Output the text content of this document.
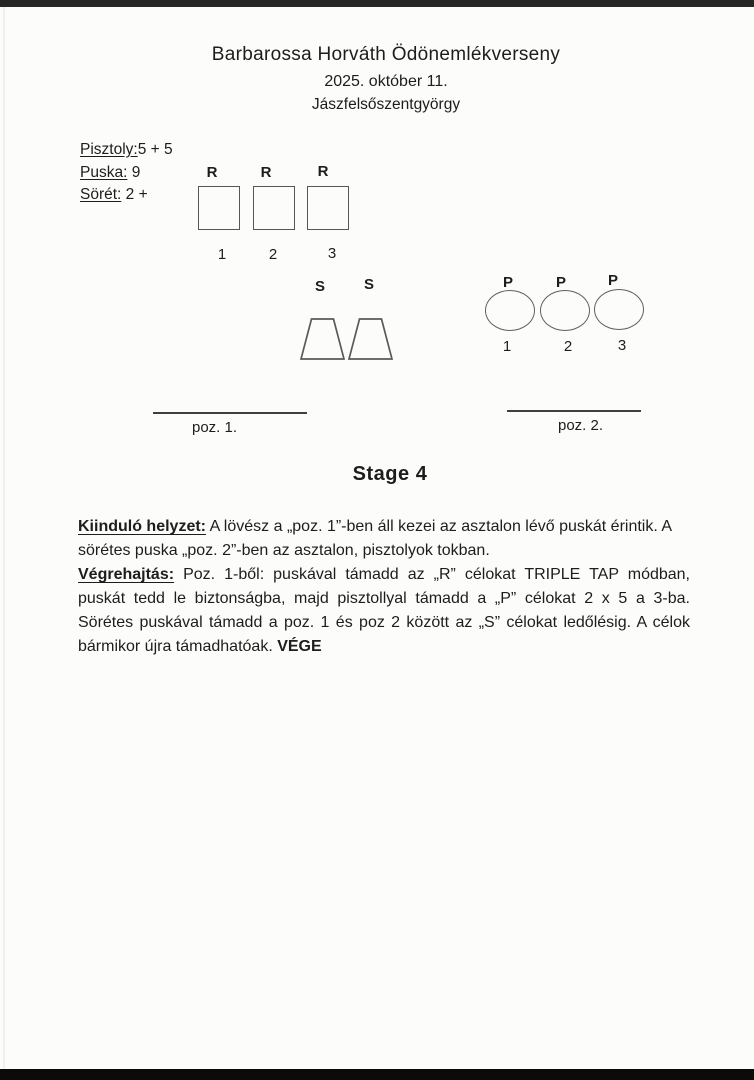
Barbarossa Horváth Ödönemlékverseny
2025. október 11.
Jászfelsőszentgyörgy
Pisztoly:5 + 5
Puska: 9
Sörét: 2 +
R	R	R
1	2	3
S	S	P	P	P
1	2	3
poz. 1.	poz. 2.
Stage 4

Kiinduló helyzet: A lövész a „poz. 1”-ben áll kezei az asztalon lévő puskát érintik. A sörétes puska „poz. 2”-ben az asztalon, pisztolyok tokban.

Végrehajtás: Poz. 1-ből: puskával támadd az „R” célokat TRIPLE TAP módban, puskát tedd le biztonságba, majd pisztollyal támadd a „P” célokat 2 x 5 a 3-ba. Sörétes puskával támadd a poz. 1 és poz 2 között az „S” célokat ledőlésig. A célok bármikor újra támadhatóak. VÉGE
